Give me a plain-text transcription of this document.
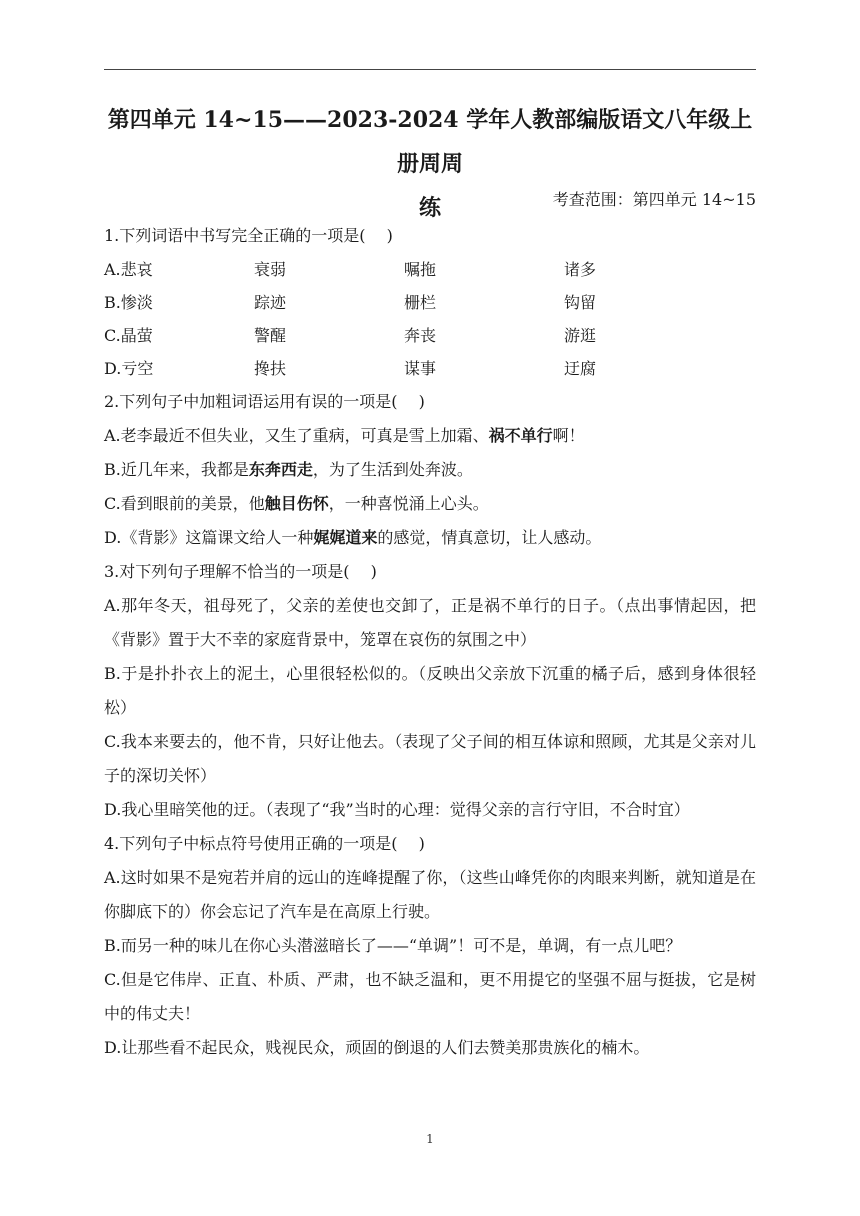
第四单元 14~15——2023-2024 学年人教部编版语文八年级上册周周
练	考查范围：第四单元 14~15

1.下列词语中书写完全正确的一项是(　 )

A.悲哀	衰弱	嘱拖	诸多
B.惨淡	踪迹	栅栏	钩留
C.晶萤	警醒	奔丧	游逛
D.亏空	搀扶	谋事	迂腐

2.下列句子中加粗词语运用有误的一项是(　 )

A.老李最近不但失业，又生了重病，可真是雪上加霜、祸不单行啊！

B.近几年来，我都是东奔西走，为了生活到处奔波。

C.看到眼前的美景，他触目伤怀，一种喜悦涌上心头。

D.《背影》这篇课文给人一种娓娓道来的感觉，情真意切，让人感动。

3.对下列句子理解不恰当的一项是(　 )

A.那年冬天，祖母死了，父亲的差使也交卸了，正是祸不单行的日子。（点出事情起因，把《背影》置于大不幸的家庭背景中，笼罩在哀伤的氛围之中）

B.于是扑扑衣上的泥土，心里很轻松似的。（反映出父亲放下沉重的橘子后，感到身体很轻松）

C.我本来要去的，他不肯，只好让他去。（表现了父子间的相互体谅和照顾，尤其是父亲对儿子的深切关怀）

D.我心里暗笑他的迂。（表现了“我”当时的心理：觉得父亲的言行守旧，不合时宜）

4.下列句子中标点符号使用正确的一项是(　 )

A.这时如果不是宛若并肩的远山的连峰提醒了你，（这些山峰凭你的肉眼来判断，就知道是在你脚底下的）你会忘记了汽车是在高原上行驶。

B.而另一种的味儿在你心头潜滋暗长了——“单调”！可不是，单调，有一点儿吧？

C.但是它伟岸、正直、朴质、严肃，也不缺乏温和，更不用提它的坚强不屈与挺拔，它是树中的伟丈夫！

D.让那些看不起民众，贱视民众，顽固的倒退的人们去赞美那贵族化的楠木。

1
